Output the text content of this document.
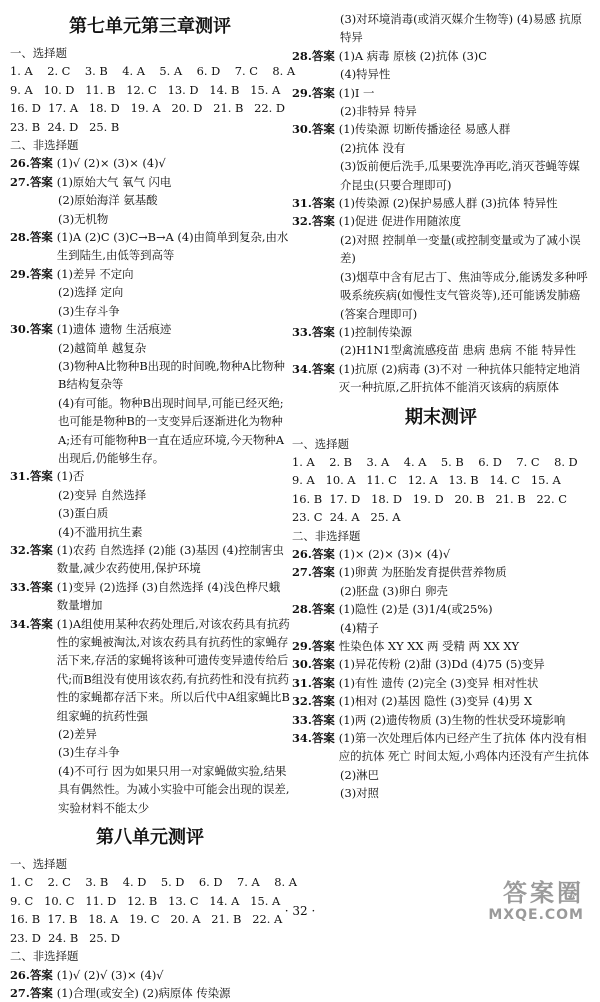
第七单元第三章测评
一、选择题
1. A    2. C    3. B    4. A    5. A    6. D    7. C    8. A
9. A   10. D   11. B   12. C   13. D   14. B   15. A
16. D  17. A   18. D   19. A   20. D   21. B   22. D
23. B  24. D   25. B
二、非选择题
26. 答案 (1)√ (2)× (3)× (4)√
27. 答案 (1)原始大气 氧气 闪电
(2)原始海洋 氨基酸
(3)无机物
28. 答案 (1)A (2)C (3)C→B→A (4)由简单到复杂,由水生到陆生,由低等到高等
29. 答案 (1)差异 不定向
(2)选择 定向
(3)生存斗争
30. 答案 (1)遗体 遗物 生活痕迹
(2)越简单 越复杂
(3)物种A比物种B出现的时间晚,物种A比物种B结构复杂等
(4)有可能。物种B出现时间早,可能已经灭绝;也可能是物种B的一支变异后逐渐进化为物种A;还有可能物种B一直在适应环境,今天物种A出现后,仍能够生存。
31. 答案 (1)否
(2)变异 自然选择
(3)蛋白质
(4)不滥用抗生素
32. 答案 (1)农药 自然选择 (2)能 (3)基因 (4)控制害虫数量,减少农药使用,保护环境
33. 答案 (1)变异 (2)选择 (3)自然选择 (4)浅色桦尺蛾数量增加
34. 答案 (1)A组使用某种农药处理后,对该农药具有抗药性的家蝇被淘汰,对该农药具有抗药性的家蝇存活下来,存活的家蝇将该种可遗传变异遗传给后代;而B组没有使用该农药,有抗药性和没有抗药性的家蝇都存活下来。所以后代中A组家蝇比B组家蝇的抗药性强
(2)差异
(3)生存斗争
(4)不可行 因为如果只用一对家蝇做实验,结果具有偶然性。为减小实验中可能会出现的误差,实验材料不能太少
第八单元测评
一、选择题
1. C    2. C    3. B    4. D    5. D    6. D    7. A    8. A
9. C   10. C   11. D   12. B   13. C   14. A   15. A
16. B  17. B   18. A   19. C   20. A   21. B   22. A
23. D  24. B   25. D
二、非选择题
26. 答案 (1)√ (2)√ (3)× (4)√
27. 答案 (1)合理(或安全) (2)病原体 传染源
(3)对环境消毒(或消灭媒介生物等) (4)易感 抗原 特异
28. 答案 (1)A 病毒 原核 (2)抗体 (3)C
(4)特异性
29. 答案 (1)Ⅰ 一
(2)非特异 特异
30. 答案 (1)传染源 切断传播途径 易感人群
(2)抗体 没有
(3)饭前便后洗手,瓜果要洗净再吃,消灭苍蝇等媒介昆虫(只要合理即可)
31. 答案 (1)传染源 (2)保护易感人群 (3)抗体 特异性
32. 答案 (1)促进 促进作用随浓度
(2)对照 控制单一变量(或控制变量或为了减小误差)
(3)烟草中含有尼古丁、焦油等成分,能诱发多种呼吸系统疾病(如慢性支气管炎等),还可能诱发肺癌(答案合理即可)
33. 答案 (1)控制传染源
(2)H1N1型禽流感疫苗 患病 患病 不能 特异性
34. 答案 (1)抗原 (2)病毒 (3)不对 一种抗体只能特定地消灭一种抗原,乙肝抗体不能消灭该病的病原体
期末测评
一、选择题
1. A    2. B    3. A    4. A    5. B    6. D    7. C    8. D
9. A   10. A   11. C   12. A   13. B   14. C   15. A
16. B  17. D   18. D   19. D   20. B   21. B   22. C
23. C  24. A   25. A
二、非选择题
26. 答案 (1)× (2)× (3)× (4)√
27. 答案 (1)卵黄 为胚胎发育提供营养物质
(2)胚盘 (3)卵白 卵壳
28. 答案 (1)隐性 (2)是 (3)1/4(或25%)
(4)精子
29. 答案 性染色体 XY XX 两 受精 两 XX XY
30. 答案 (1)异花传粉 (2)甜 (3)Dd (4)75 (5)变异
31. 答案 (1)有性 遗传 (2)完全 (3)变异 相对性状
32. 答案 (1)相对 (2)基因 隐性 (3)变异 (4)男 X
33. 答案 (1)两 (2)遗传物质 (3)生物的性状受环境影响
34. 答案 (1)第一次处理后体内已经产生了抗体 体内没有相应的抗体 死亡 时间太短,小鸡体内还没有产生抗体
(2)淋巴
(3)对照
· 32 ·
答案圈
MXQE.COM
